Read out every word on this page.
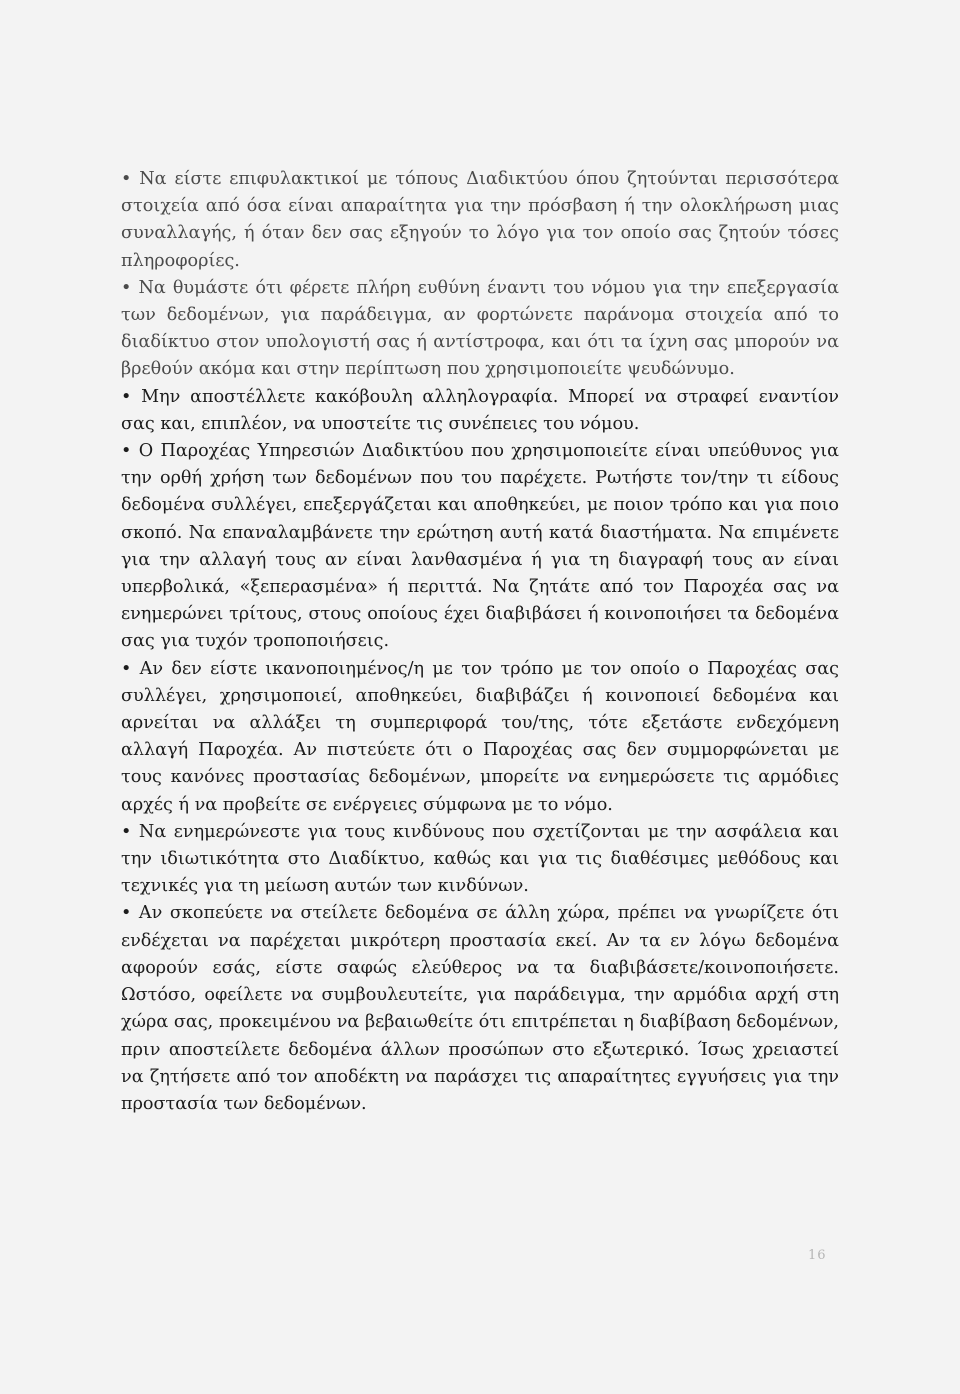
• Να είστε επιφυλακτικοί με τόπους Διαδικτύου όπου ζητούνται περισσότερα στοιχεία από όσα είναι απαραίτητα για την πρόσβαση ή την ολοκλήρωση μιας συναλλαγής, ή όταν δεν σας εξηγούν το λόγο για τον οποίο σας ζητούν τόσες πληροφορίες.

• Να θυμάστε ότι φέρετε πλήρη ευθύνη έναντι του νόμου για την επεξεργασία των δεδομένων, για παράδειγμα, αν φορτώνετε παράνομα στοιχεία από το διαδίκτυο στον υπολογιστή σας ή αντίστροφα, και ότι τα ίχνη σας μπορούν να βρεθούν ακόμα και στην περίπτωση που χρησιμοποιείτε ψευδώνυμο.

• Μην αποστέλλετε κακόβουλη αλληλογραφία. Μπορεί να στραφεί εναντίον σας και, επιπλέον, να υποστείτε τις συνέπειες του νόμου.

• Ο Παροχέας Υπηρεσιών Διαδικτύου που χρησιμοποιείτε είναι υπεύθυνος για την ορθή χρήση των δεδομένων που του παρέχετε. Ρωτήστε τον/την τι είδους δεδομένα συλλέγει, επεξεργάζεται και αποθηκεύει, με ποιον τρόπο και για ποιο σκοπό. Να επαναλαμβάνετε την ερώτηση αυτή κατά διαστήματα. Να επιμένετε για την αλλαγή τους αν είναι λανθασμένα ή για τη διαγραφή τους αν είναι υπερβολικά, «ξεπερασμένα» ή περιττά. Να ζητάτε από τον Παροχέα σας να ενημερώνει τρίτους, στους οποίους έχει διαβιβάσει ή κοινοποιήσει τα δεδομένα σας για τυχόν τροποποιήσεις.

• Αν δεν είστε ικανοποιημένος/η με τον τρόπο με τον οποίο ο Παροχέας σας συλλέγει, χρησιμοποιεί, αποθηκεύει, διαβιβάζει ή κοινοποιεί δεδομένα και αρνείται να αλλάξει τη συμπεριφορά του/της, τότε εξετάστε ενδεχόμενη αλλαγή Παροχέα. Αν πιστεύετε ότι ο Παροχέας σας δεν συμμορφώνεται με τους κανόνες προστασίας δεδομένων, μπορείτε να ενημερώσετε τις αρμόδιες αρχές ή να προβείτε σε ενέργειες σύμφωνα με το νόμο.

• Να ενημερώνεστε για τους κινδύνους που σχετίζονται με την ασφάλεια και την ιδιωτικότητα στο Διαδίκτυο, καθώς και για τις διαθέσιμες μεθόδους και τεχνικές για τη μείωση αυτών των κινδύνων.

• Αν σκοπεύετε να στείλετε δεδομένα σε άλλη χώρα, πρέπει να γνωρίζετε ότι ενδέχεται να παρέχεται μικρότερη προστασία εκεί. Αν τα εν λόγω δεδομένα αφορούν εσάς, είστε σαφώς ελεύθερος να τα διαβιβάσετε/κοινοποιήσετε. Ωστόσο, οφείλετε να συμβουλευτείτε, για παράδειγμα, την αρμόδια αρχή στη χώρα σας, προκειμένου να βεβαιωθείτε ότι επιτρέπεται η διαβίβαση δεδομένων, πριν αποστείλετε δεδομένα άλλων προσώπων στο εξωτερικό. Ίσως χρειαστεί να ζητήσετε από τον αποδέκτη να παράσχει τις απαραίτητες εγγυήσεις για την προστασία των δεδομένων.

16
